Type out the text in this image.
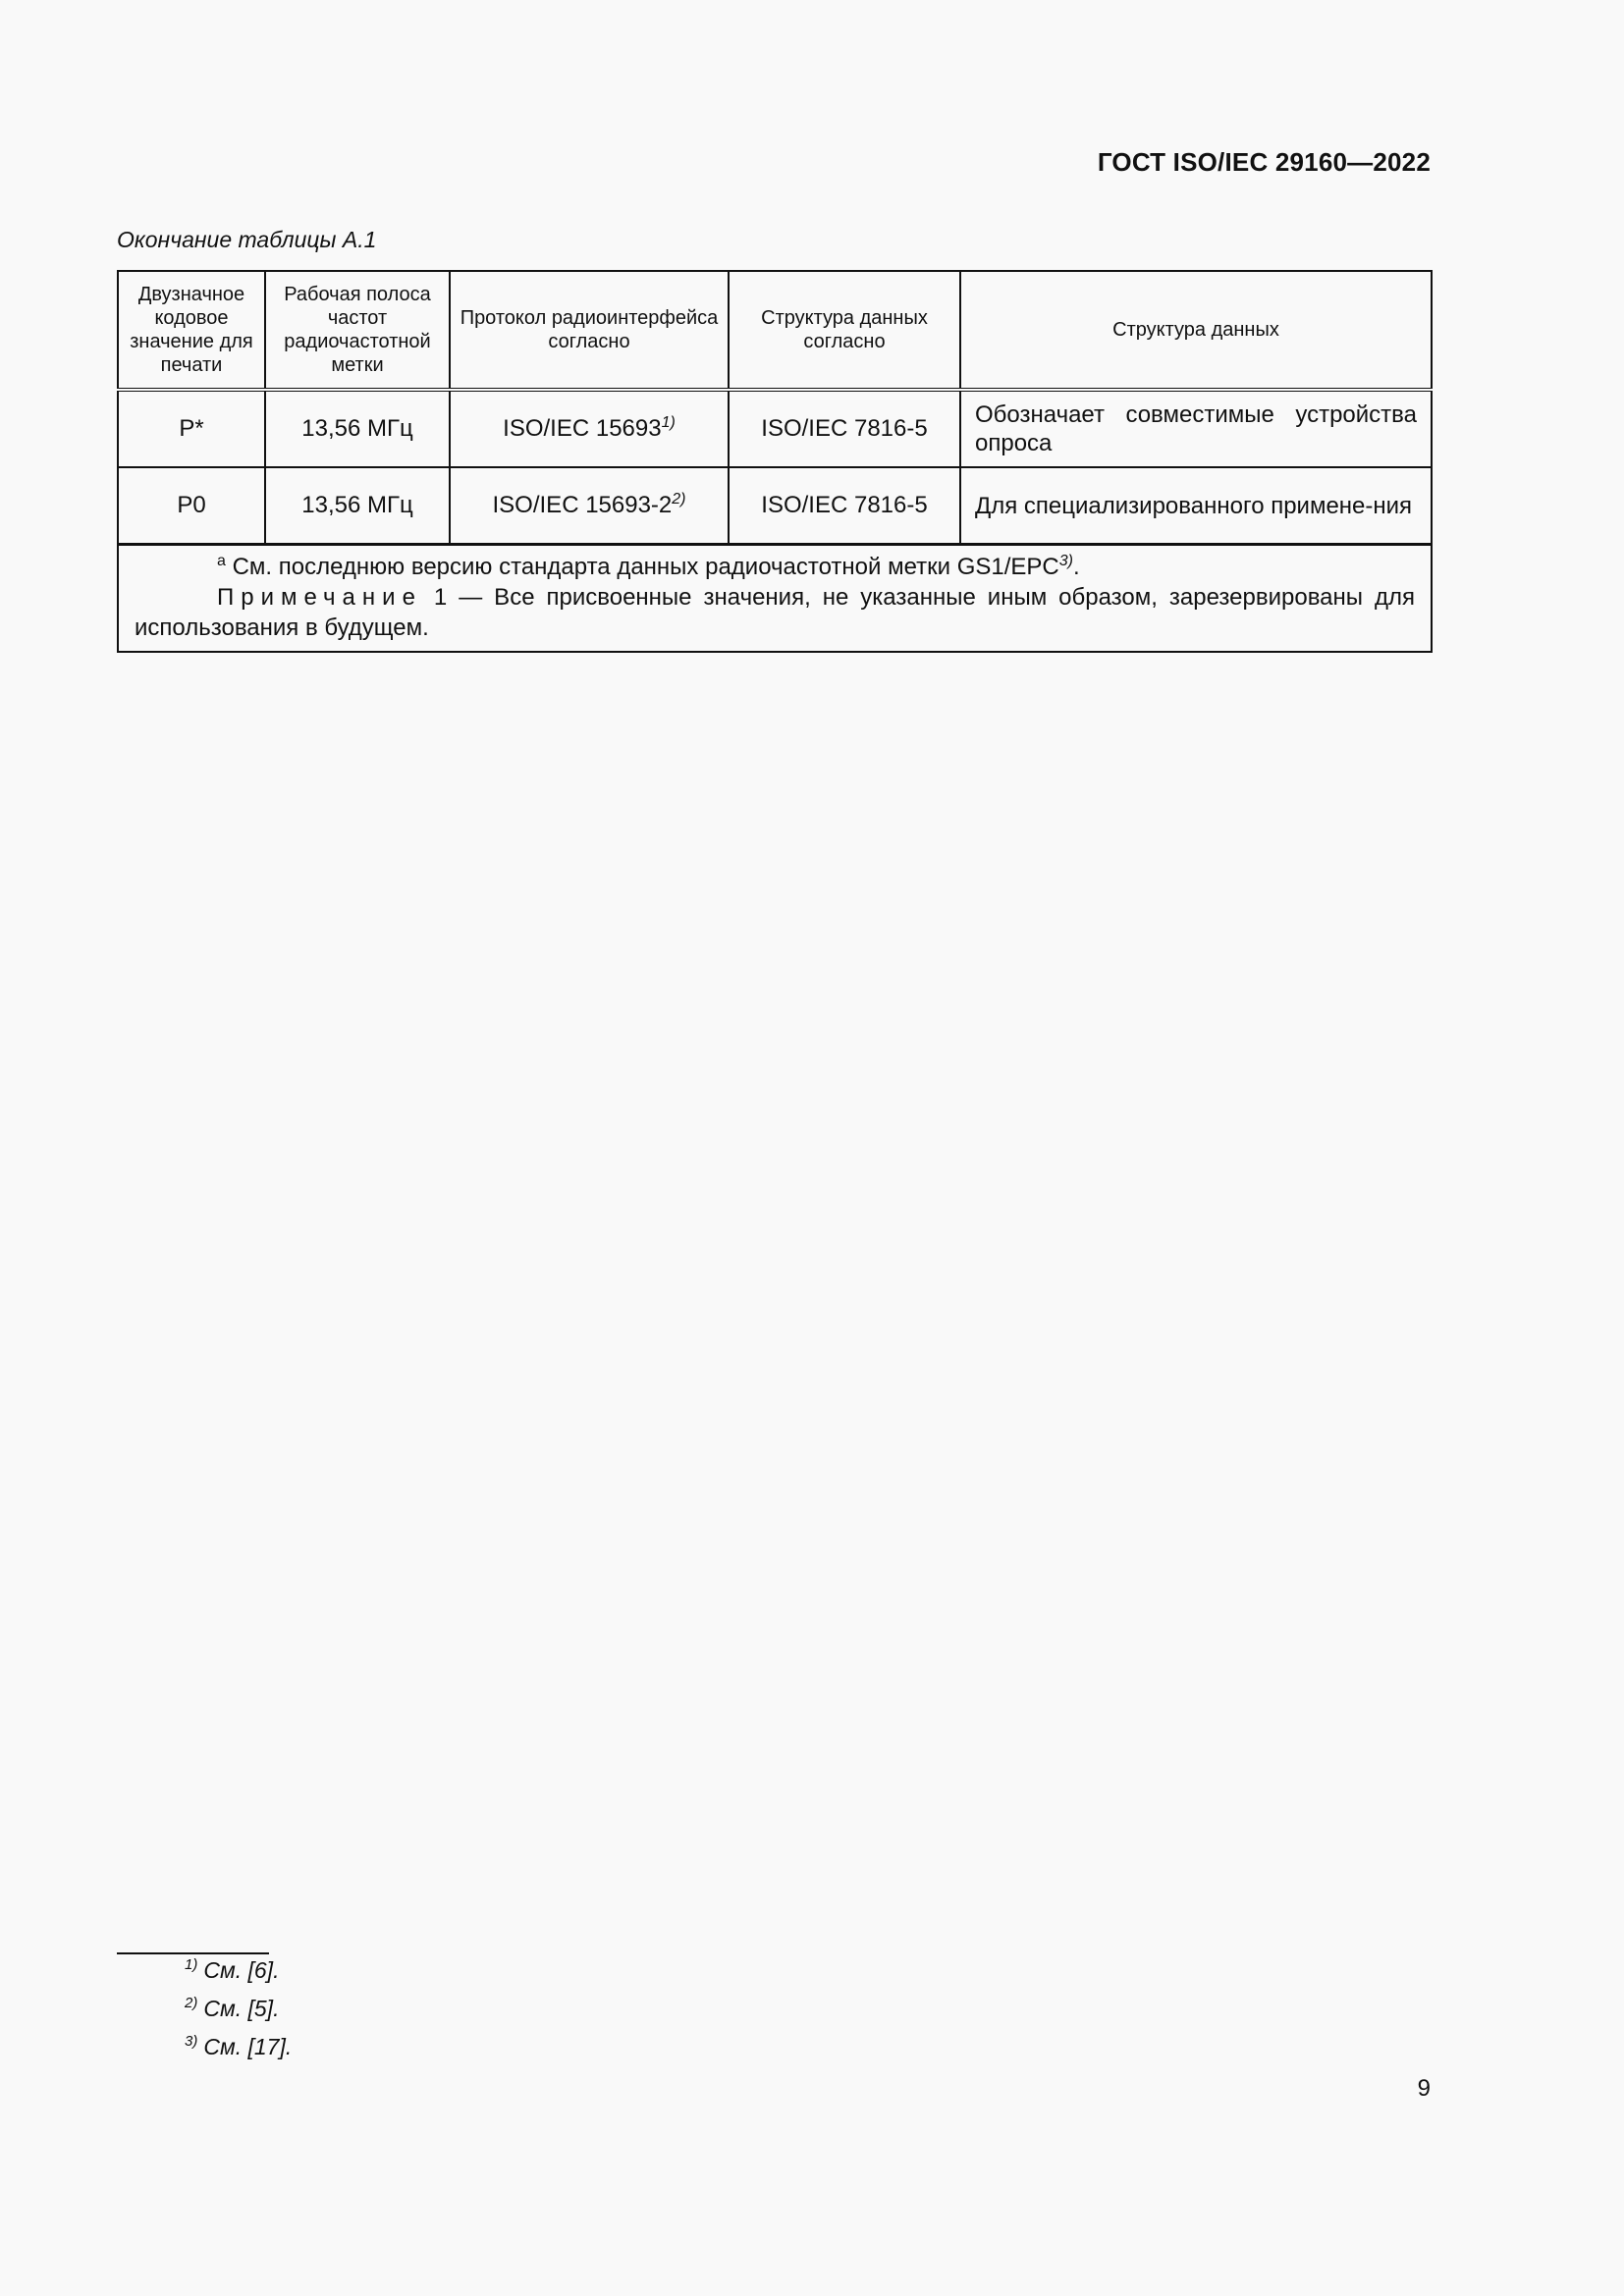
ГОСТ ISO/IEC 29160—2022
Окончание таблицы А.1
Двузначное кодовое значение для печати	Рабочая полоса частот радиочастотной метки	Протокол радиоинтерфейса согласно	Структура данных согласно	Структура данных
P*	13,56 МГц	ISO/IEC 15693$^{1)}$	ISO/IEC 7816-5	Обозначает совместимые устройства опроса
P0	13,56 МГц	ISO/IEC 15693-2$^{2)}$	ISO/IEC 7816-5	Для специализированного примене-ния

$^a$ См. последнюю версию стандарта данных радиочастотной метки GS1/EPC$^{3)}$.
Примечание 1 — Все присвоенные значения, не указанные иным образом, зарезервированы для использования в будущем.				
$^{1)}$ См. [6].
$^{2)}$ См. [5].
$^{3)}$ См. [17].
9
